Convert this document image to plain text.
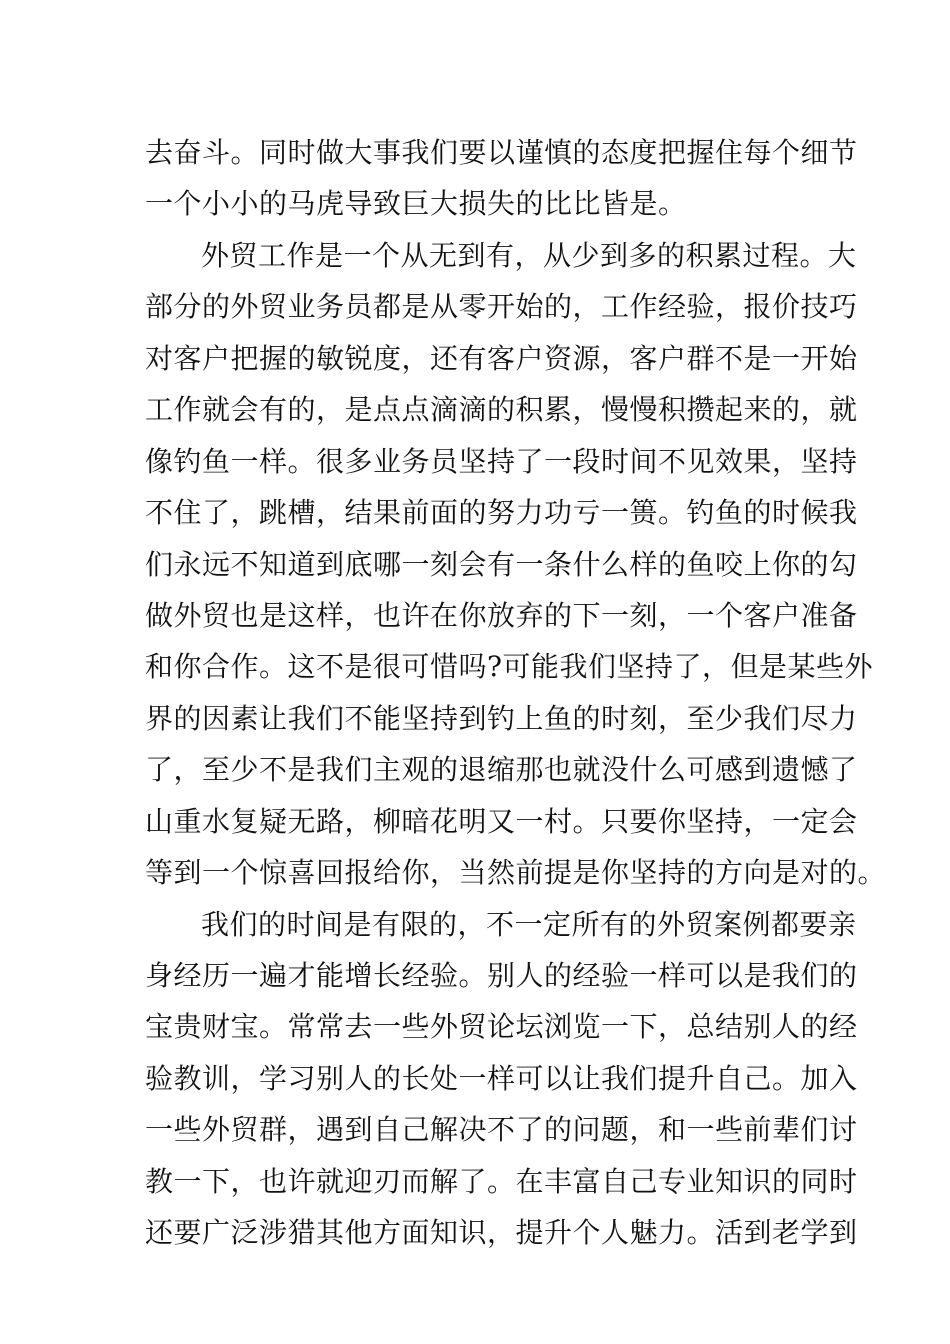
去奋斗。同时做大事我们要以谨慎的态度把握住每个细节
一个小小的马虎导致巨大损失的比比皆是。
外贸工作是一个从无到有，从少到多的积累过程。大
部分的外贸业务员都是从零开始的，工作经验，报价技巧
对客户把握的敏锐度，还有客户资源，客户群不是一开始
工作就会有的，是点点滴滴的积累，慢慢积攒起来的，就
像钓鱼一样。很多业务员坚持了一段时间不见效果，坚持
不住了，跳槽，结果前面的努力功亏一篑。钓鱼的时候我
们永远不知道到底哪一刻会有一条什么样的鱼咬上你的勾
做外贸也是这样，也许在你放弃的下一刻，一个客户准备
和你合作。这不是很可惜吗?可能我们坚持了，但是某些外
界的因素让我们不能坚持到钓上鱼的时刻，至少我们尽力
了，至少不是我们主观的退缩那也就没什么可感到遗憾了
山重水复疑无路，柳暗花明又一村。只要你坚持，一定会
等到一个惊喜回报给你，当然前提是你坚持的方向是对的。
我们的时间是有限的，不一定所有的外贸案例都要亲
身经历一遍才能增长经验。别人的经验一样可以是我们的
宝贵财宝。常常去一些外贸论坛浏览一下，总结别人的经
验教训，学习别人的长处一样可以让我们提升自己。加入
一些外贸群，遇到自己解决不了的问题，和一些前辈们讨
教一下，也许就迎刃而解了。在丰富自己专业知识的同时
还要广泛涉猎其他方面知识，提升个人魅力。活到老学到
